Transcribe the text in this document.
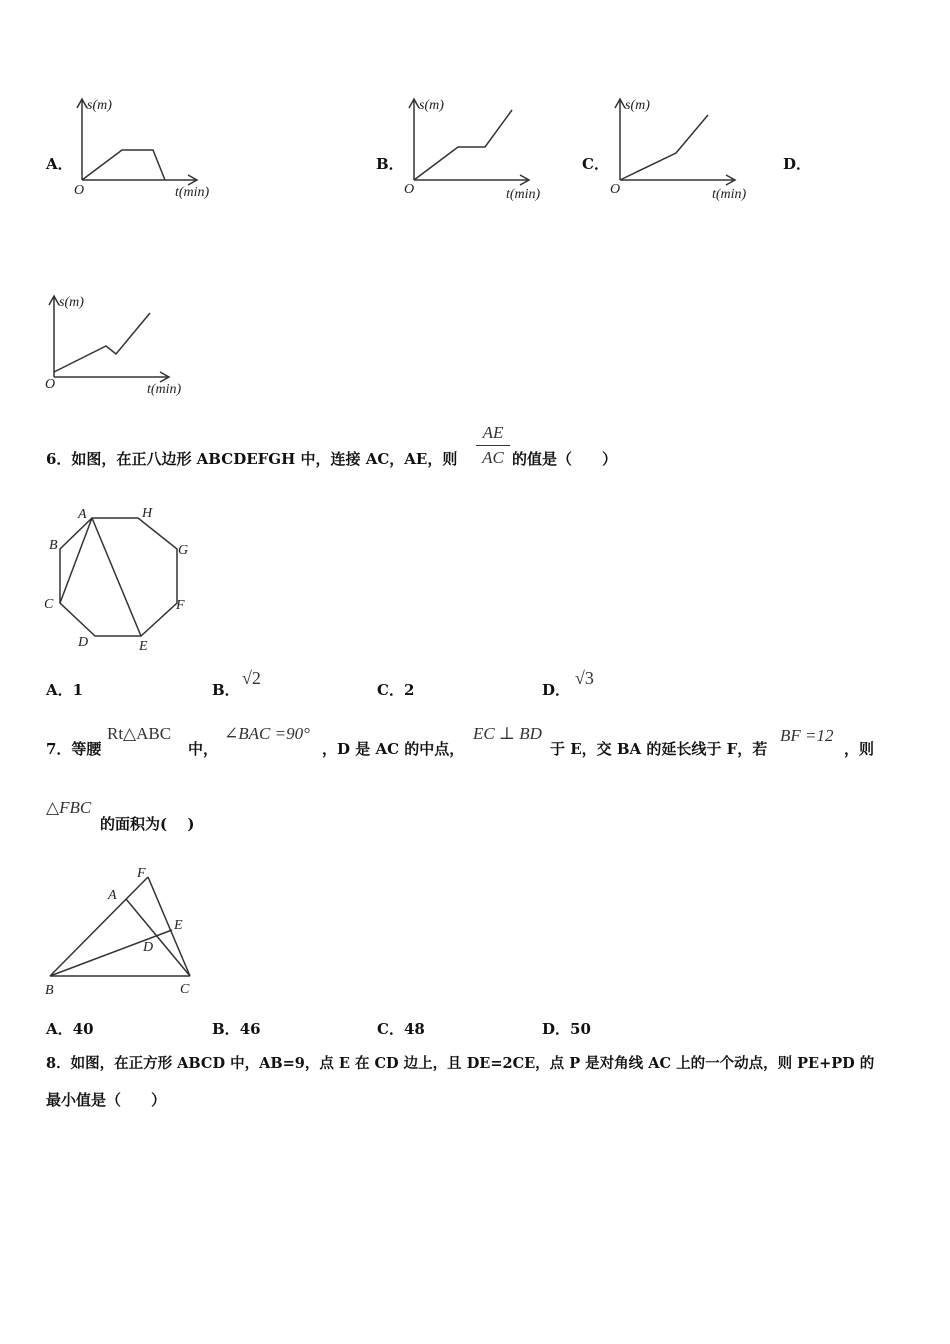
A．
s(m)
O	t(min)
B．
s(m)
O	t(min)
C．
s(m)
O	t(min)
D．
s(m)
O	t(min)
6．如图，在正八边形 ABCDEFGH 中，连接 AC，AE，则
AE
AC 的值是（　　）
A	H
B	G
C	F
D	E
A．1	B．
√2
C．2	D．
√3
7．等腰
Rt△ABC
中，
∠BAC =90°
，D 是 AC 的中点，
EC ⊥ BD
于 E，交 BA 的延长线于 F，若
BF =12
，则
△FBC
的面积为(　 )
F
A
E
D
B	C
A．40	B．46	C．48	D．50
8．如图，在正方形 ABCD 中，AB=9，点 E 在 CD 边上，且 DE=2CE，点 P 是对角线 AC 上的一个动点，则 PE+PD 的
最小值是（　　）
